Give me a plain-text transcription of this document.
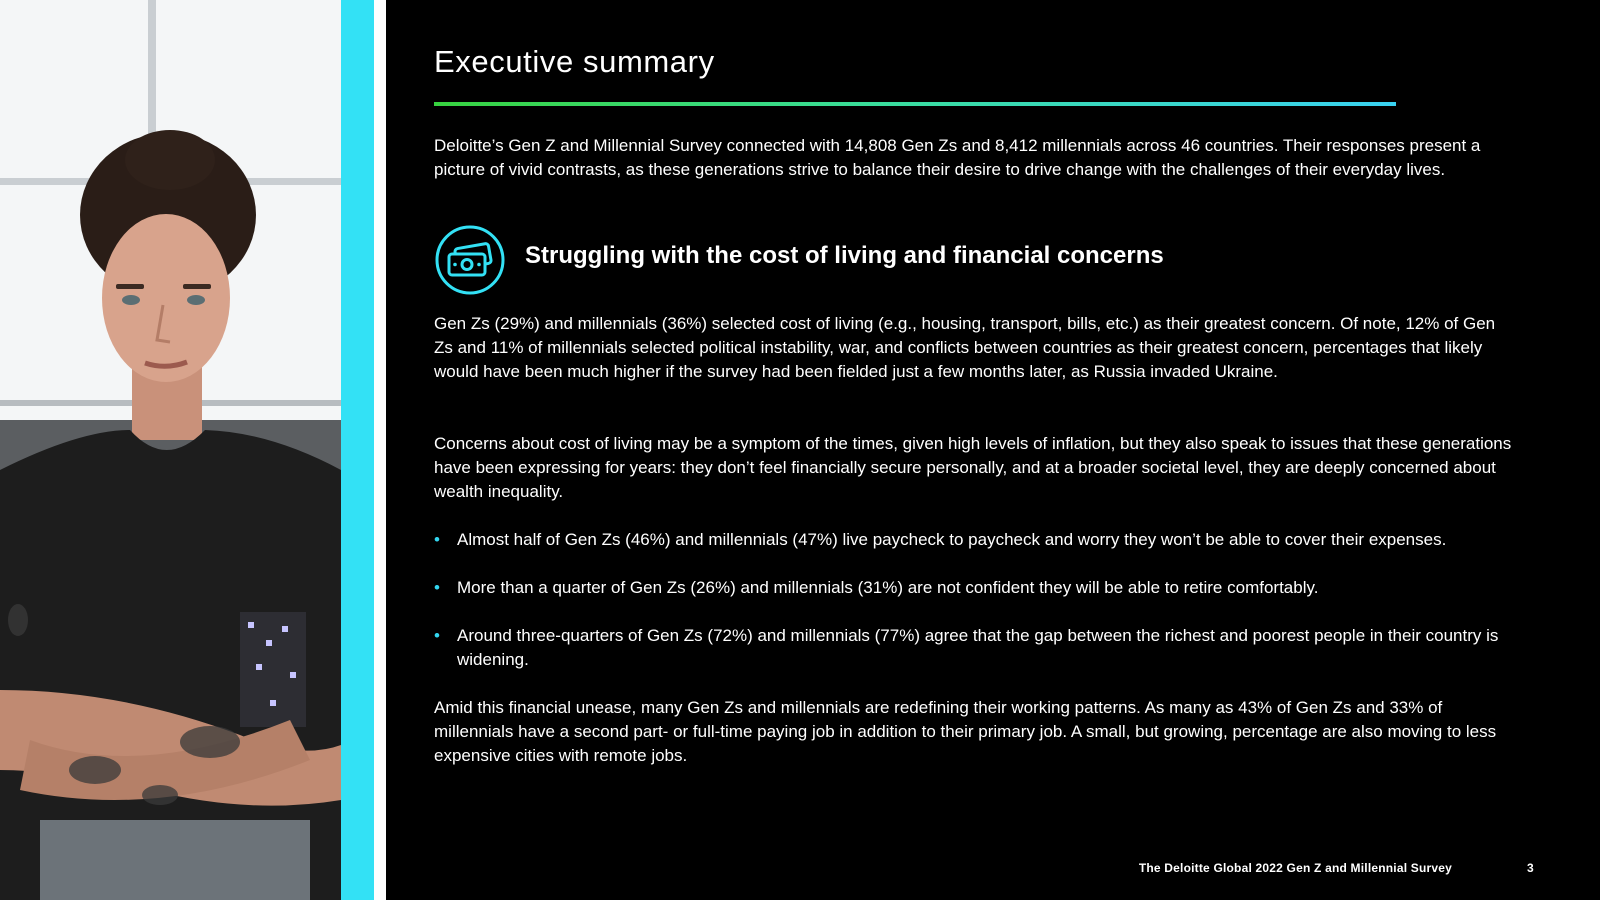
Executive summary

Deloitte’s Gen Z and Millennial Survey connected with 14,808 Gen Zs and 8,412 millennials across 46 countries. Their responses present a picture of vivid contrasts, as these generations strive to balance their desire to drive change with the challenges of their everyday lives.

Struggling with the cost of living and financial concerns

Gen Zs (29%) and millennials (36%) selected cost of living (e.g., housing, transport, bills, etc.) as their greatest concern. Of note, 12% of Gen Zs and 11% of millennials selected political instability, war, and conflicts between countries as their greatest concern, percentages that likely would have been much higher if the survey had been fielded just a few months later, as Russia invaded Ukraine.

Concerns about cost of living may be a symptom of the times, given high levels of inflation, but they also speak to issues that these generations have been expressing for years: they don’t feel financially secure personally, and at a broader societal level, they are deeply concerned about wealth inequality.

• Almost half of Gen Zs (46%) and millennials (47%) live paycheck to paycheck and worry they won’t be able to cover their expenses.
• More than a quarter of Gen Zs (26%) and millennials (31%) are not confident they will be able to retire comfortably.
• Around three-quarters of Gen Zs (72%) and millennials (77%) agree that the gap between the richest and poorest people in their country is widening.

Amid this financial unease, many Gen Zs and millennials are redefining their working patterns. As many as 43% of Gen Zs and 33% of millennials have a second part- or full-time paying job in addition to their primary job. A small, but growing, percentage are also moving to less expensive cities with remote jobs.

The Deloitte Global 2022 Gen Z and Millennial Survey	3
